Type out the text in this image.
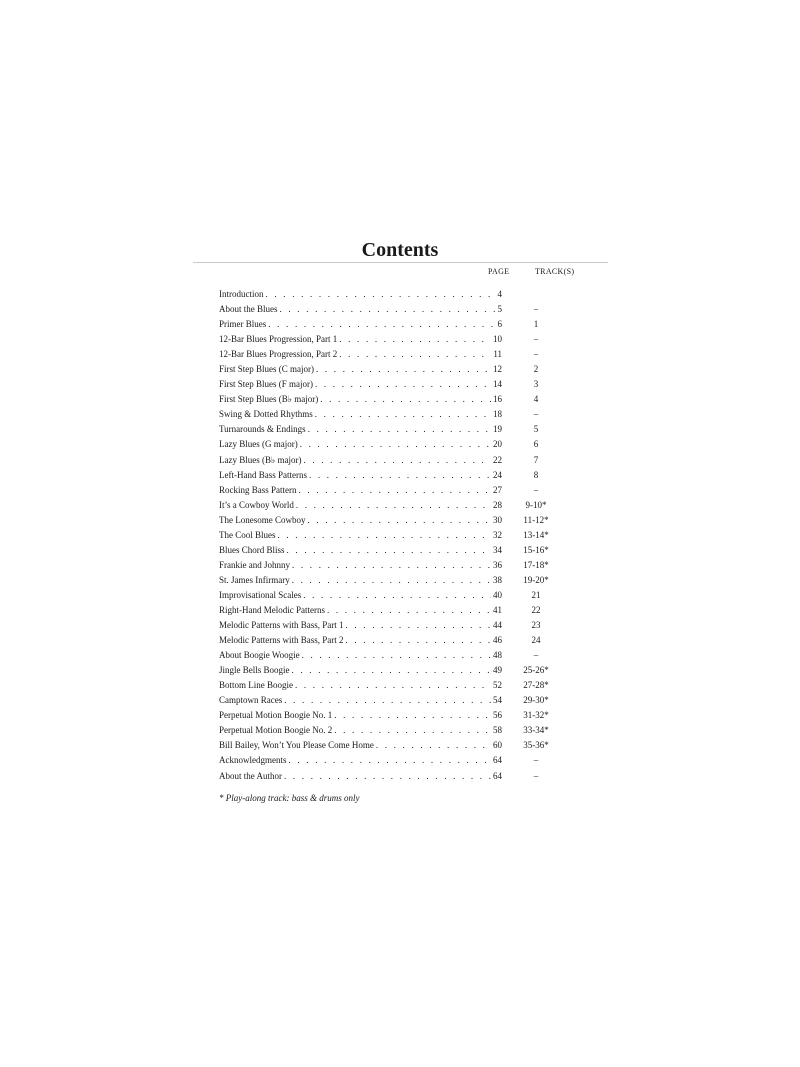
Contents
PAGE	TRACK(S)
Introduction . . .	4
About the Blues . . .	5	–
Primer Blues . . .	6	1
12-Bar Blues Progression, Part 1 . . .	10	–
12-Bar Blues Progression, Part 2 . . .	11	–
First Step Blues (C major) . . .	12	2
First Step Blues (F major) . . .	14	3
First Step Blues (B♭ major) . . .	16	4
Swing & Dotted Rhythms . . .	18	–
Turnarounds & Endings . . .	19	5
Lazy Blues (G major) . . .	20	6
Lazy Blues (B♭ major) . . .	22	7
Left-Hand Bass Patterns . . .	24	8
Rocking Bass Pattern . . .	27	–
It’s a Cowboy World . . .	28	9-10*
The Lonesome Cowboy . . .	30	11-12*
The Cool Blues . . .	32	13-14*
Blues Chord Bliss . . .	34	15-16*
Frankie and Johnny . . .	36	17-18*
St. James Infirmary . . .	38	19-20*
Improvisational Scales . . .	40	21
Right-Hand Melodic Patterns . . .	41	22
Melodic Patterns with Bass, Part 1 . . .	44	23
Melodic Patterns with Bass, Part 2 . . .	46	24
About Boogie Woogie . . .	48	–
Jingle Bells Boogie . . .	49	25-26*
Bottom Line Boogie . . .	52	27-28*
Camptown Races . . .	54	29-30*
Perpetual Motion Boogie No. 1 . . .	56	31-32*
Perpetual Motion Boogie No. 2 . . .	58	33-34*
Bill Bailey, Won’t You Please Come Home . . .	60	35-36*
Acknowledgments . . .	64	–
About the Author . . .	64	–

* Play-along track: bass & drums only
